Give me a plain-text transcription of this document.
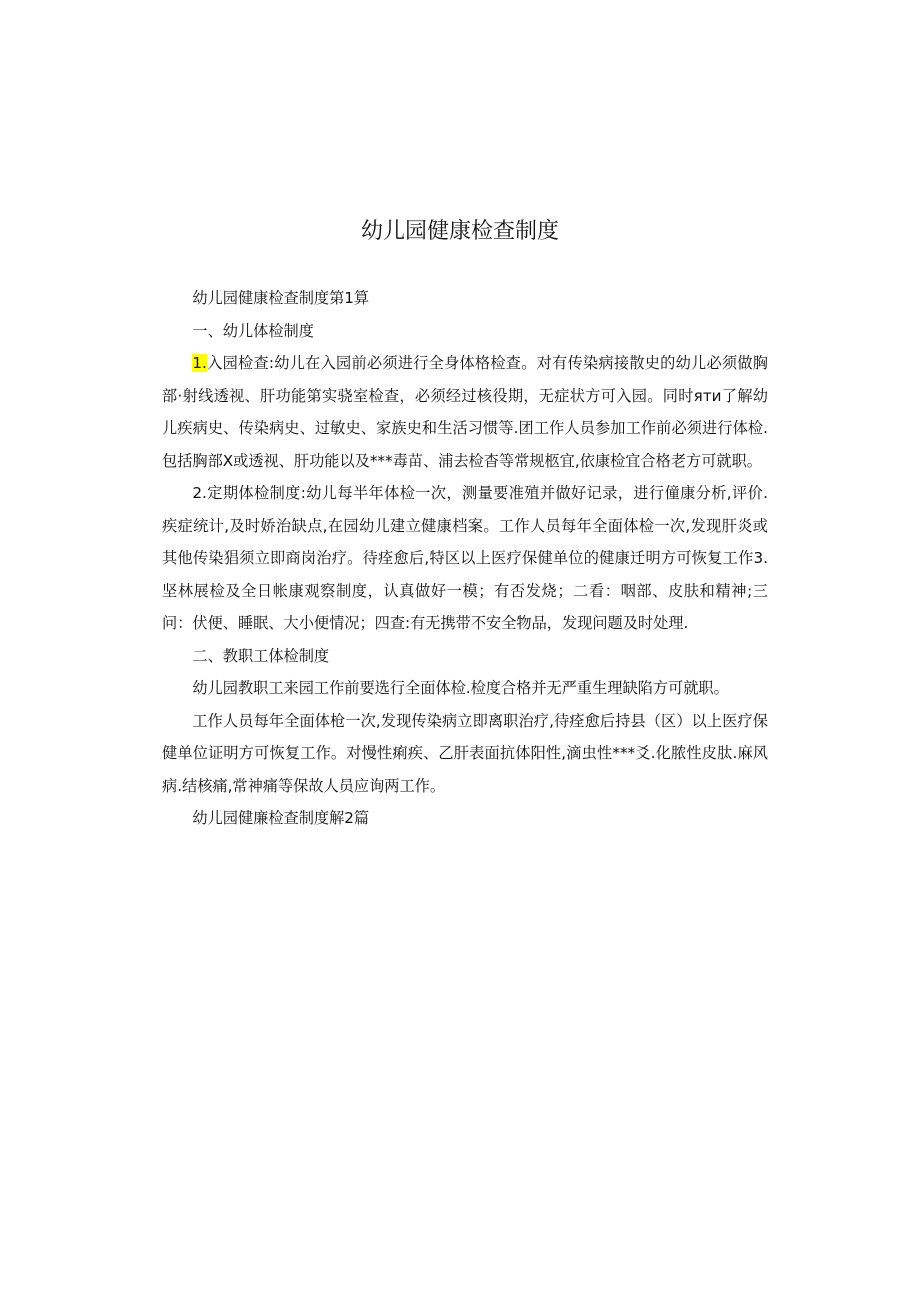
幼儿园健康检查制度

幼儿园健康检查制度第1算

一、幼儿体检制度

1.入园检查:幼儿在入园前必须进行全身体格检查。对有传染病接散史的幼儿必须做胸部·射线透视、肝功能第实骁室检查，必须经过核役期，无症状方可入园。同时яти了解幼儿疾病史、传染病史、过敏史、家族史和生活习惯等.团工作人员参加工作前必须进行体检.包括胸部X或透视、肝功能以及***毒苗、浦去检杳等常规柩宜,依康检宜合格老方可就职。

2.定期体检制度:幼儿每半年体检一次，测量要准殖并做好记录，进行僮康分析,评价.疾症统计,及时娇治缺点,在园幼儿建立健康档案。工作人员每年全面体检一次,发现肝炎或其他传染猖须立即商岗治疗。待痊愈后,特区以上医疗保健单位的健康迁明方可恢复工作3.坚林展检及全日帐康观察制度，认真做好一模；有否发烧；二看：咽部、皮肤和精神;三问：伏便、睡眠、大小便情况；四查:有无携带不安全物品，发现问题及时处理.

二、教职工体检制度

幼儿园教职工来园工作前要选行全面体检.检度合格并无严重生理缺陷方可就职。

工作人员每年全面体枪一次,发现传染病立即离职治疗,待痊愈后持县（区）以上医疗保健单位证明方可恢复工作。对慢性痢疾、乙肝表面抗体阳性,滴虫性***爻.化脓性皮肽.麻风病.结核痛,常神痛等保故人员应询两工作。

幼儿园健廉检查制度解2篇
